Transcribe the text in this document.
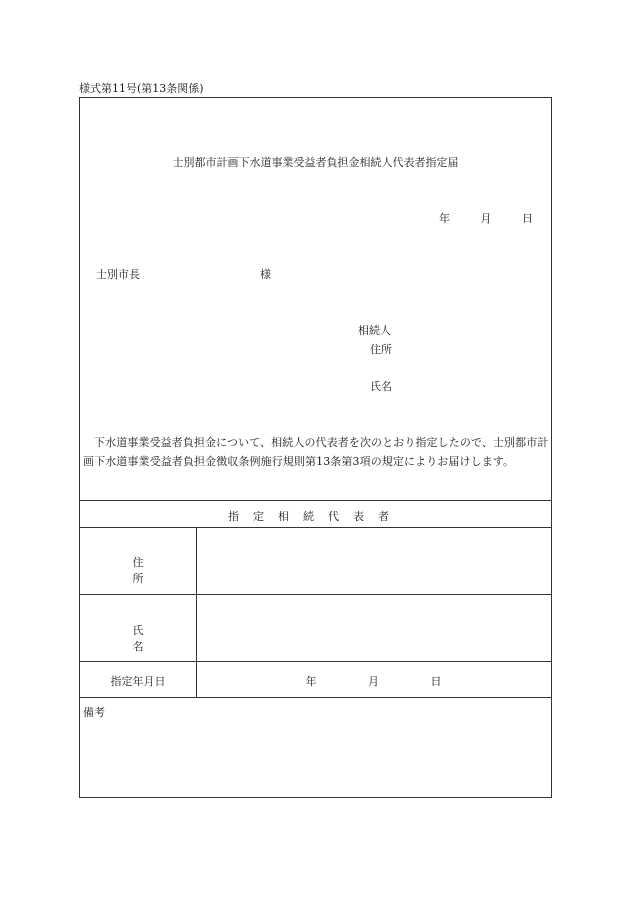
様式第11号(第13条関係)
士別都市計画下水道事業受益者負担金相続人代表者指定届
年	月	日
士別市長	様
相続人
住所
氏名
下水道事業受益者負担金について、相続人の代表者を次のとおり指定したので、士別都市計画下水道事業受益者負担金徴収条例施行規則第13条第3項の規定によりお届けします。
指定相続代表者
住所
氏名
指定年月日	年	月	日
備考
